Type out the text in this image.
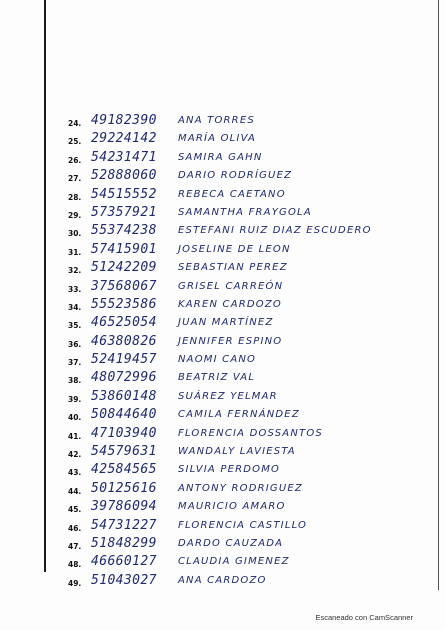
24. 49182390 ANA TORRES
25. 29224142 MARÍA OLIVA
26. 54231471 SAMIRA GAHN
27. 52888060 DARIO RODRÍGUEZ
28. 54515552 REBECA CAETANO
29. 57357921 SAMANTHA FRAYGOLA
30. 55374238 ESTEFANI RUIZ DIAZ ESCUDERO
31. 57415901 JOSELINE DE LEON
32. 51242209 SEBASTIAN PEREZ
33. 37568067 GRISEL CARREÓN
34. 55523586 KAREN CARDOZO
35. 46525054 JUAN MARTÍNEZ
36. 46380826 JENNIFER ESPINO
37. 52419457 NAOMI CANO
38. 48072996 BEATRIZ VAL
39. 53860148 SUÁREZ YELMAR
40. 50844640 CAMILA FERNÁNDEZ
41. 47103940 FLORENCIA DOSSANTOS
42. 54579631 WANDALY LAVIESTA
43. 42584565 SILVIA PERDOMO
44. 50125616 ANTONY RODRIGUEZ
45. 39786094 MAURICIO AMARO
46. 54731227 FLORENCIA CASTILLO
47. 51848299 DARDO CAUZADA
48. 46660127 CLAUDIA GIMENEZ
49. 51043027 ANA CARDOZO
Escaneado con CamScanner
